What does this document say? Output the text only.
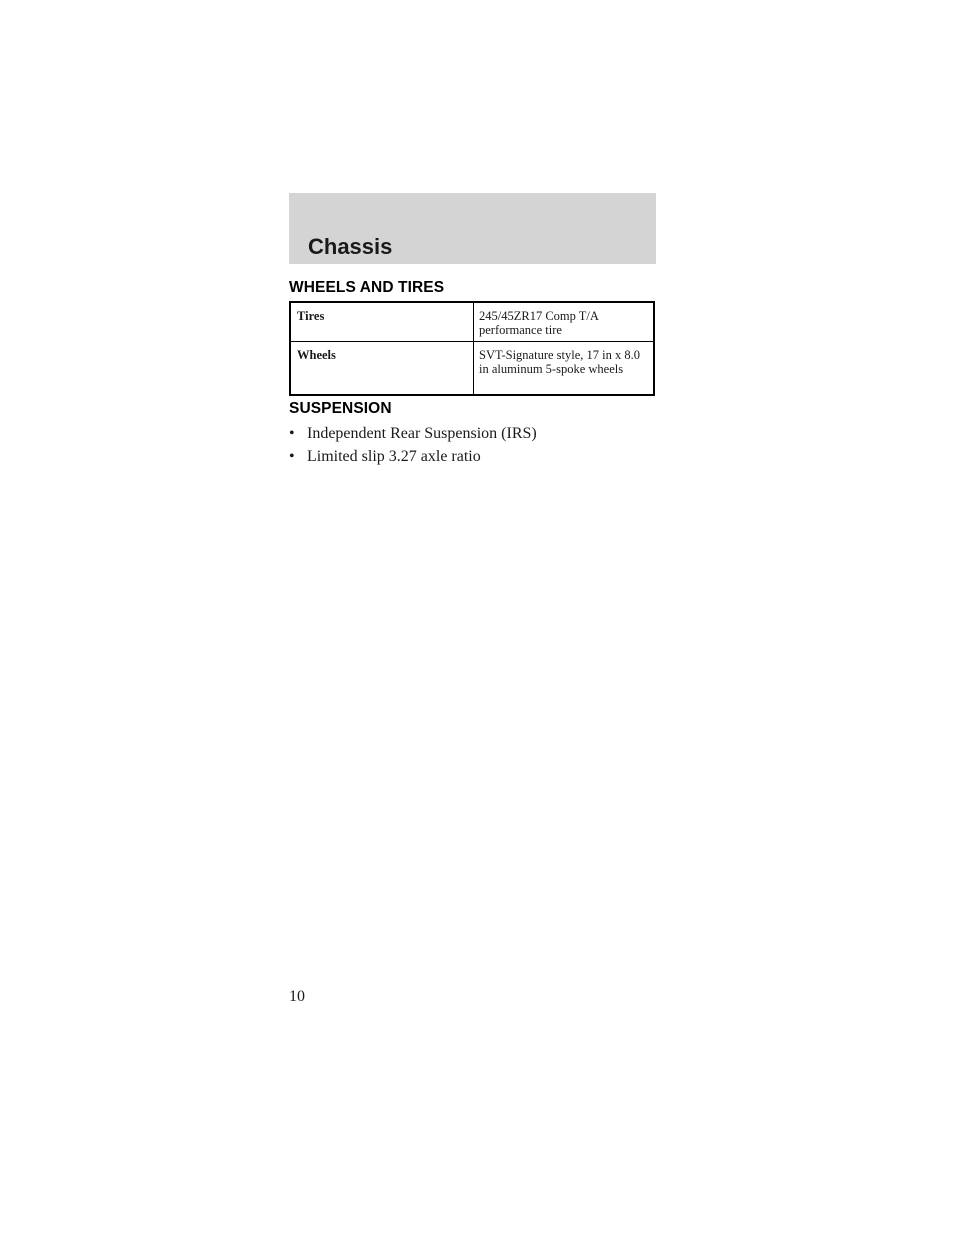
Chassis
WHEELS AND TIRES
Tires	245/45ZR17 Comp T/A performance tire
Wheels	SVT-Signature style, 17 in x 8.0 in aluminum 5-spoke wheels
SUSPENSION
• Independent Rear Suspension (IRS)
• Limited slip 3.27 axle ratio
10
